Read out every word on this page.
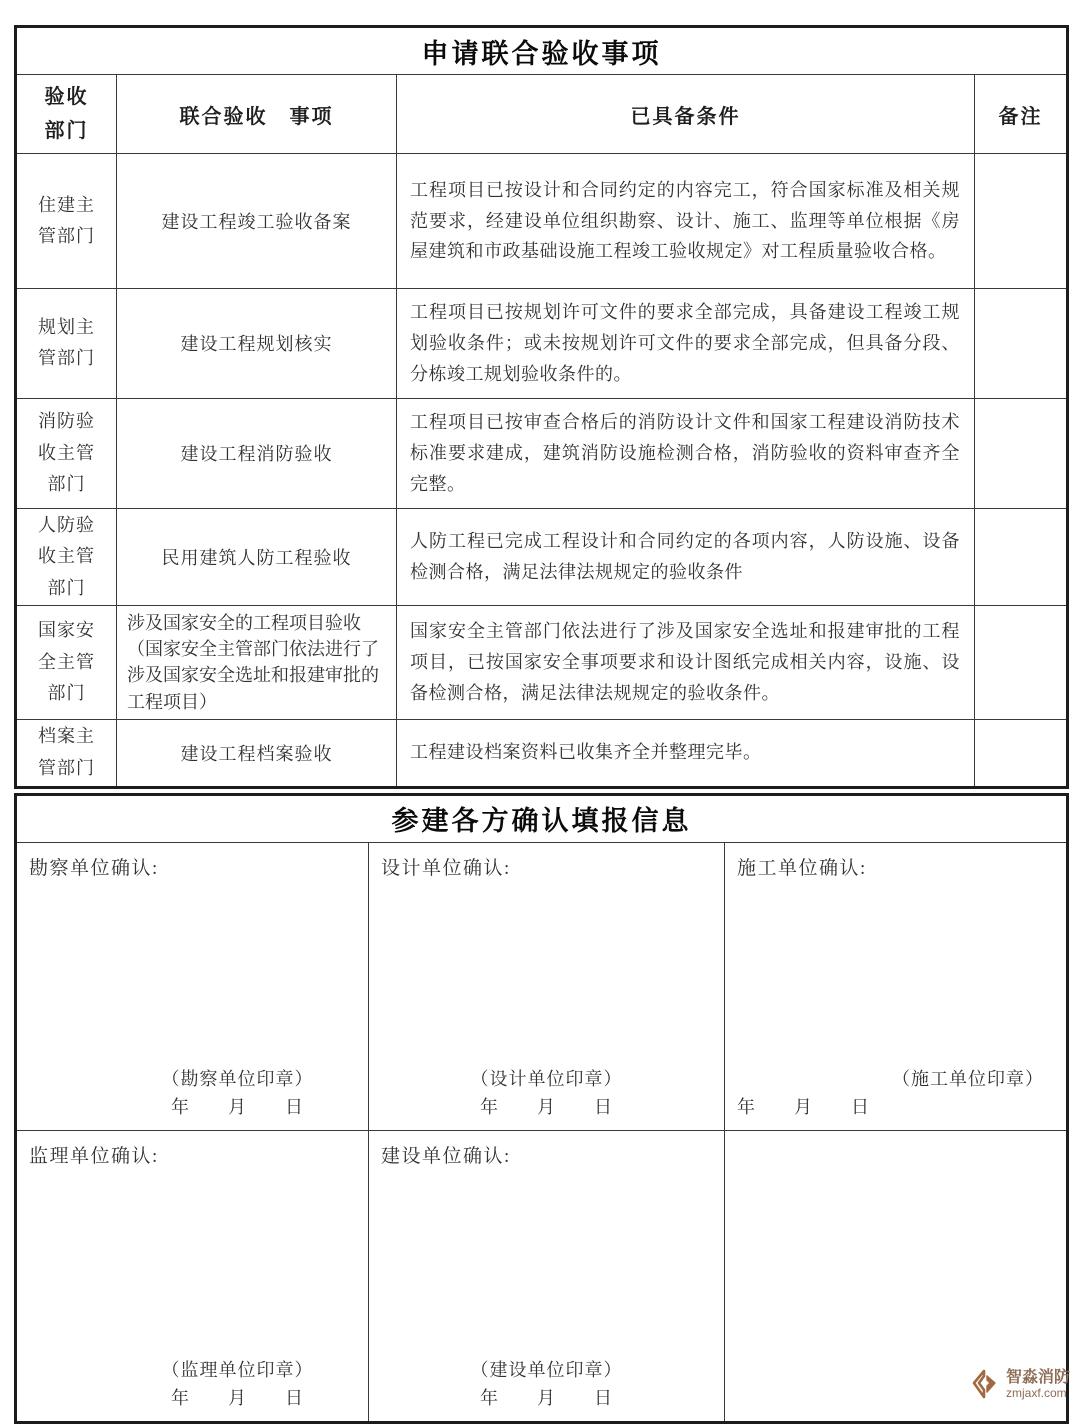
申请联合验收事项			
验收部门	联合验收　事项	已具备条件	备注
住建主管部门	建设工程竣工验收备案	工程项目已按设计和合同约定的内容完工，符合国家标准及相关规范要求，经建设单位组织勘察、设计、施工、监理等单位根据《房屋建筑和市政基础设施工程竣工验收规定》对工程质量验收合格。	
规划主管部门	建设工程规划核实	工程项目已按规划许可文件的要求全部完成，具备建设工程竣工规划验收条件；或未按规划许可文件的要求全部完成，但具备分段、分栋竣工规划验收条件的。	
消防验收主管部门	建设工程消防验收	工程项目已按审查合格后的消防设计文件和国家工程建设消防技术标准要求建成，建筑消防设施检测合格，消防验收的资料审查齐全完整。	
人防验收主管部门	民用建筑人防工程验收	人防工程已完成工程设计和合同约定的各项内容，人防设施、设备检测合格，满足法律法规规定的验收条件	
国家安全主管部门	涉及国家安全的工程项目验收（国家安全主管部门依法进行了涉及国家安全选址和报建审批的工程项目）	国家安全主管部门依法进行了涉及国家安全选址和报建审批的工程项目，已按国家安全事项要求和设计图纸完成相关内容，设施、设备检测合格，满足法律法规规定的验收条件。	
档案主管部门	建设工程档案验收	工程建设档案资料已收集齐全并整理完毕。	
参建各方确认填报信息		

勘察单位确认:
（勘察单位印章）
年　　月　　日

设计单位确认:
（设计单位印章）
年　　月　　日

施工单位确认:
（施工单位印章）
年　　月　　日

监理单位确认:
（监理单位印章）
年　　月　　日

建设单位确认:
（建设单位印章）
年　　月　　日

智淼消防
zmjaxf.com
